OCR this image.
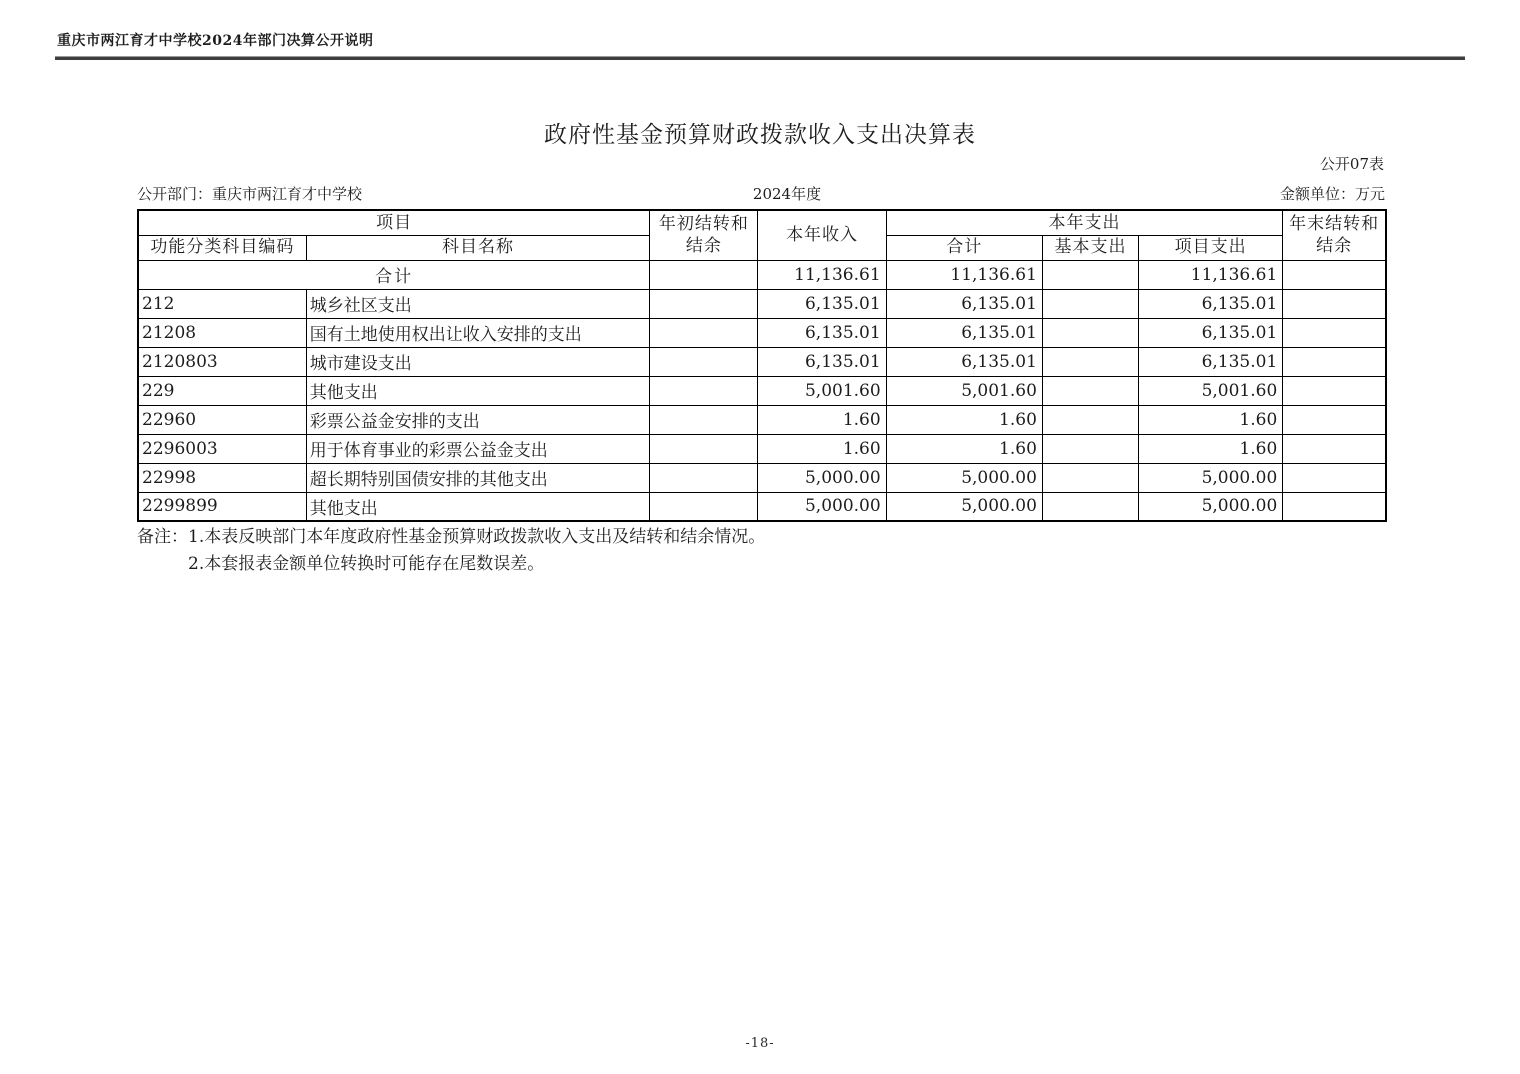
重庆市两江育才中学校2024年部门决算公开说明
政府性基金预算财政拨款收入支出决算表
公开07表
公开部门：重庆市两江育才中学校	2024年度	金额单位：万元
项目		年初结转和结余	本年收入	本年支出			年末结转和结余
功能分类科目编码	科目名称			合计	基本支出	项目支出	
合计			11,136.61	11,136.61		11,136.61	
212	城乡社区支出		6,135.01	6,135.01		6,135.01	
21208	国有土地使用权出让收入安排的支出		6,135.01	6,135.01		6,135.01	
2120803	城市建设支出		6,135.01	6,135.01		6,135.01	
229	其他支出		5,001.60	5,001.60		5,001.60	
22960	彩票公益金安排的支出		1.60	1.60		1.60	
2296003	用于体育事业的彩票公益金支出		1.60	1.60		1.60	
22998	超长期特别国债安排的其他支出		5,000.00	5,000.00		5,000.00	
2299899	其他支出		5,000.00	5,000.00		5,000.00	
备注： 1.本表反映部门本年度政府性基金预算财政拨款收入支出及结转和结余情况。
2.本套报表金额单位转换时可能存在尾数误差。
-18-
